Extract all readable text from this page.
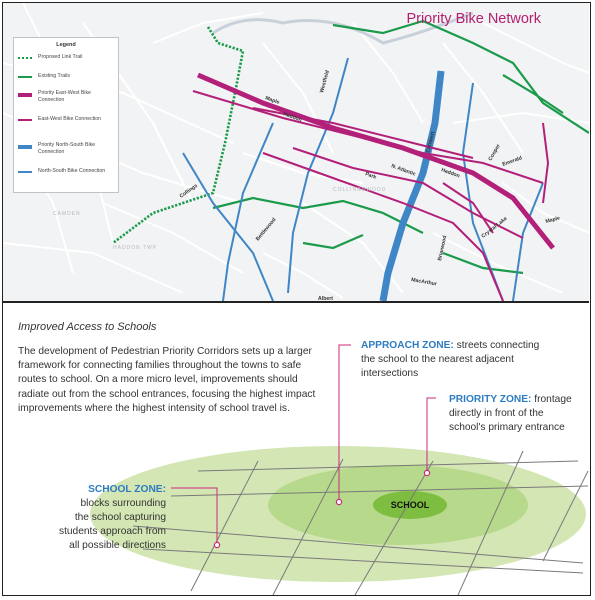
COLLINGSWOOD
CAMDEN
HADDON TWP
Maple
Haddon
Westfield
Cuthbert
Haddon
N. Atlantic
Park
Cooper Emerald
Collings
Bettlewood	Crystal Lake	Maple
Briarwood
MacArthur
Albert
Priority Bike Network
Legend
Proposed Link Trail
Existing Trails
Priority East-West Bike Connection
East-West Bike Connection
Priority North-South Bike Connection
North-South Bike Connection
SCHOOL
Improved Access to Schools
The development of Pedestrian Priority Corridors sets up a larger framework for connecting families throughout the towns to safe routes to school. On a more micro level, improvements should radiate out from the school entrances, focusing the highest impact improvements where the highest intensity of school travel is.
APPROACH ZONE: streets connecting
the school to the nearest adjacent
intersections
PRIORITY ZONE: frontage
directly in front of the
school's primary entrance
SCHOOL ZONE:
blocks surrounding
the school capturing
students approach from
all possible directions
